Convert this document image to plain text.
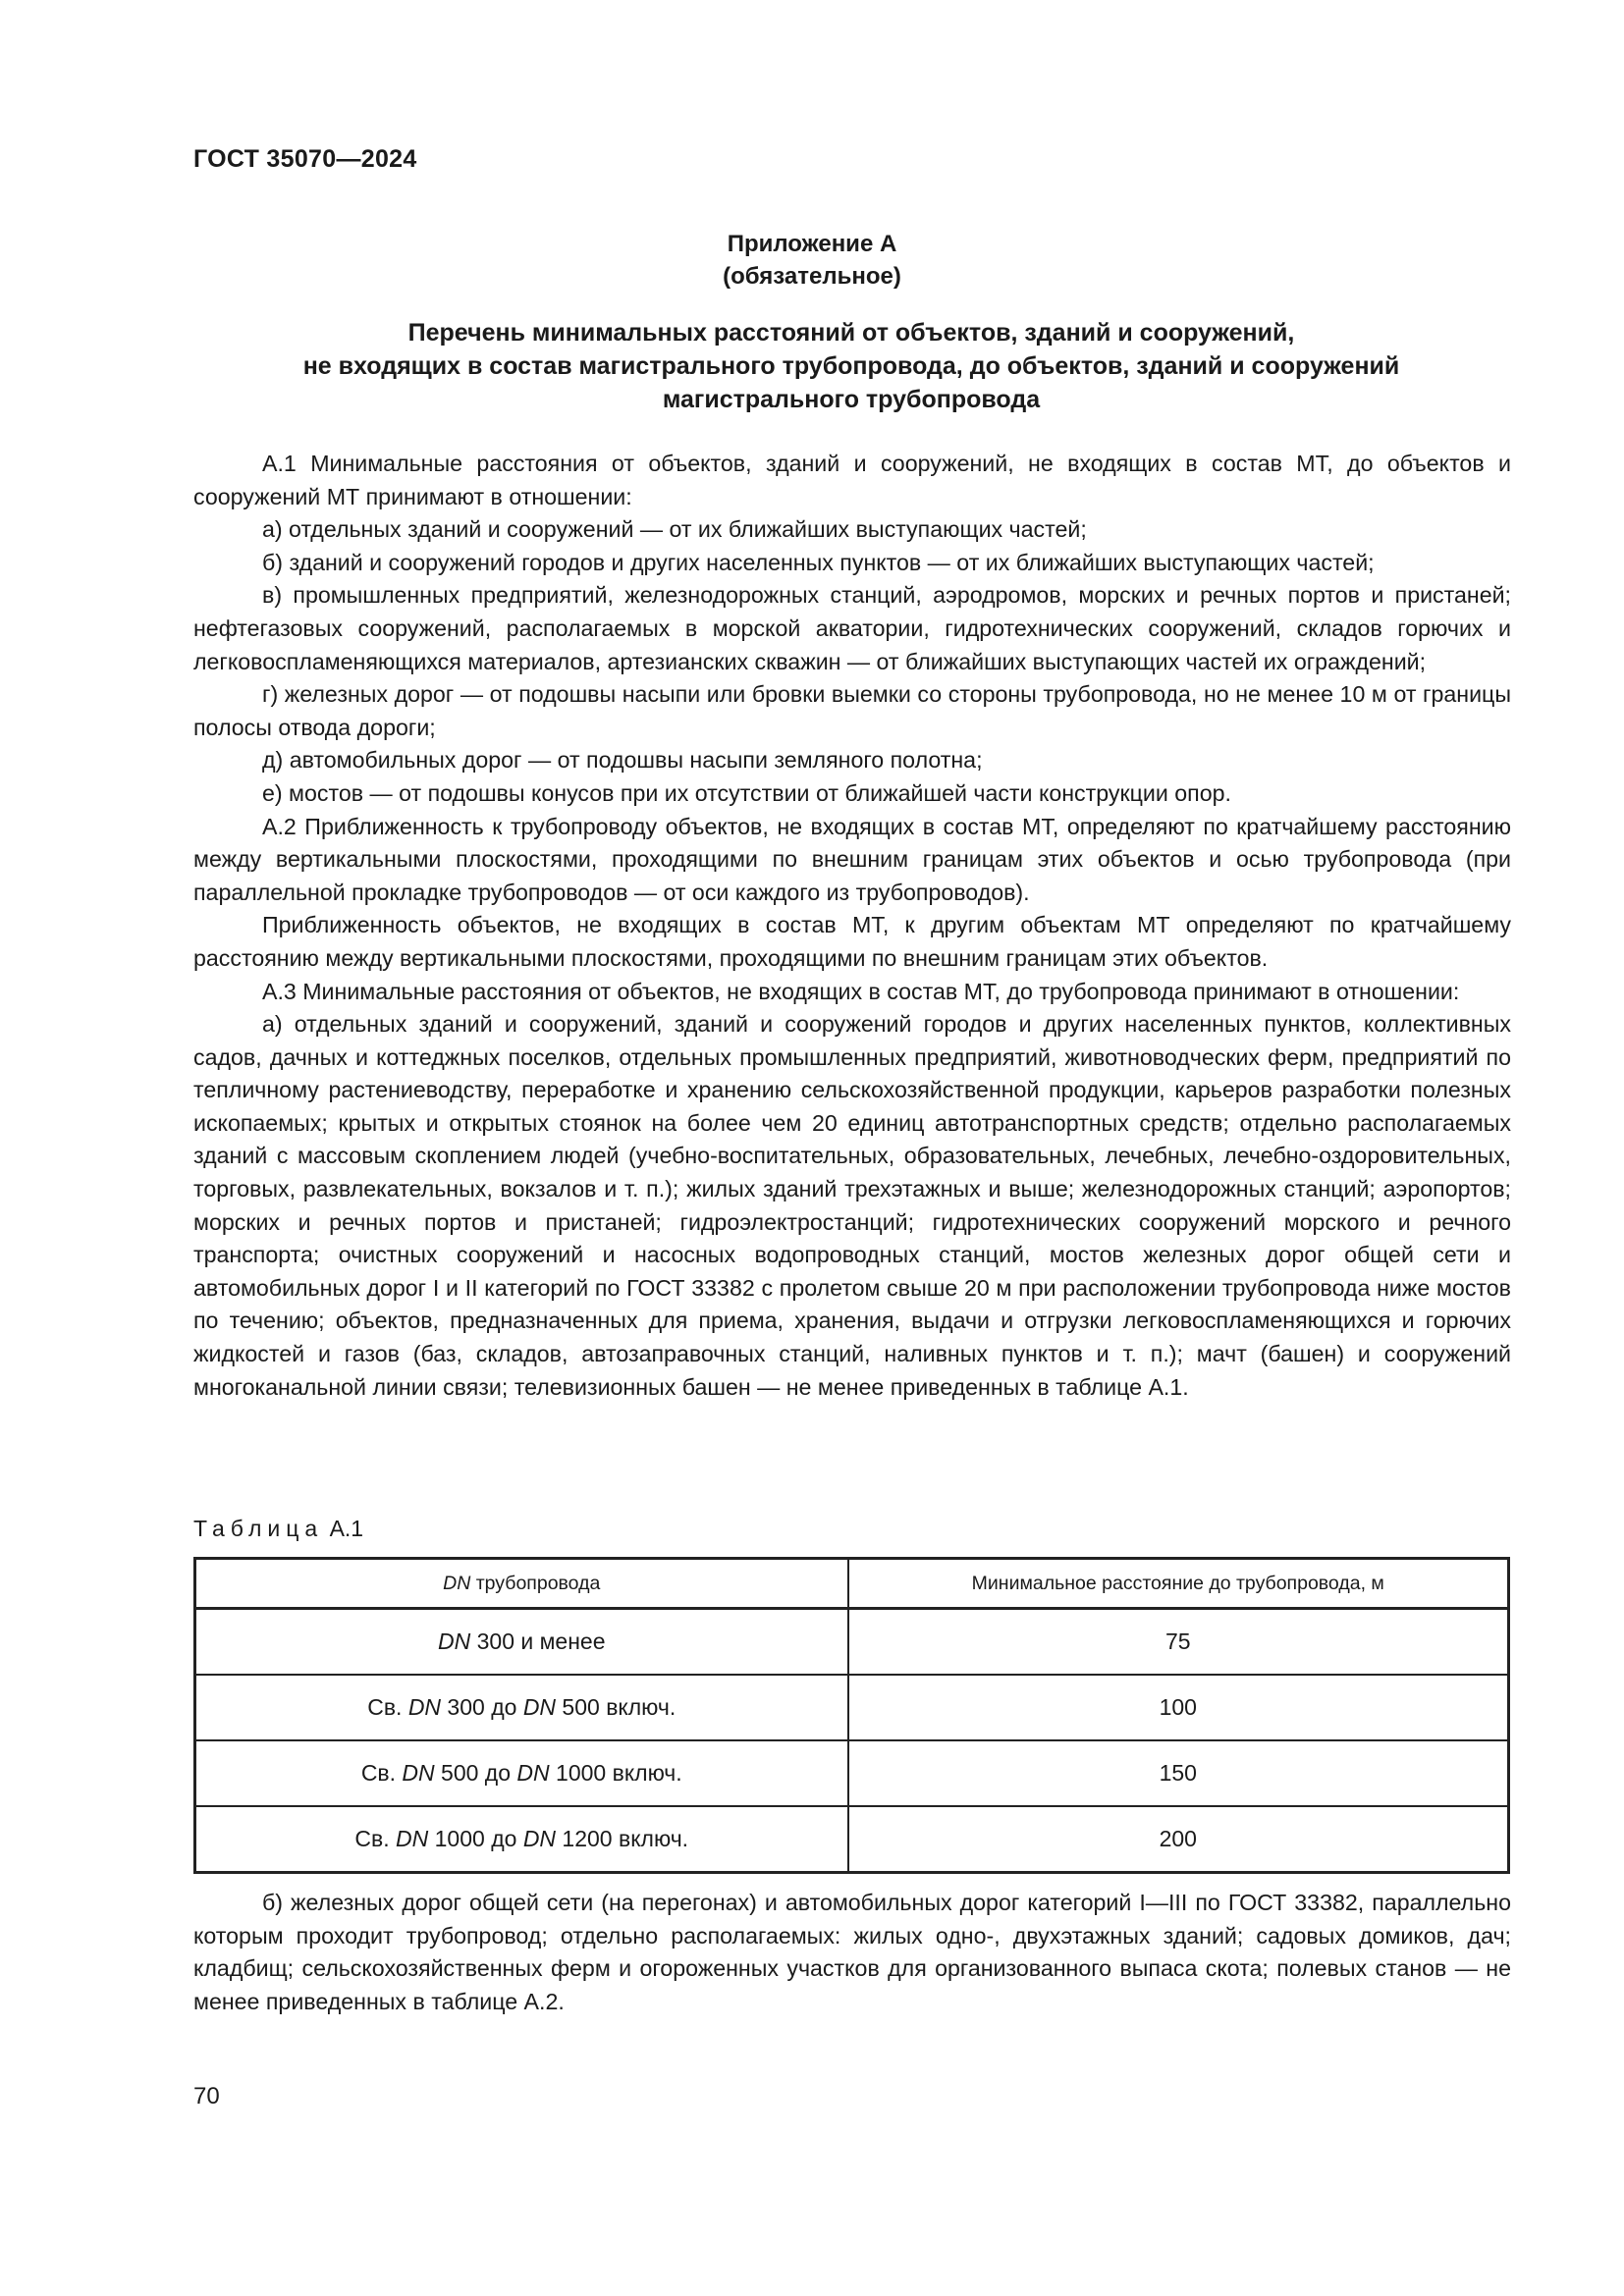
ГОСТ 35070—2024
Приложение А
(обязательное)
Перечень минимальных расстояний от объектов, зданий и сооружений,
не входящих в состав магистрального трубопровода, до объектов, зданий и сооружений
магистрального трубопровода

А.1 Минимальные расстояния от объектов, зданий и сооружений, не входящих в состав МТ, до объектов и сооружений МТ принимают в отношении:

а) отдельных зданий и сооружений — от их ближайших выступающих частей;

б) зданий и сооружений городов и других населенных пунктов — от их ближайших выступающих частей;

в) промышленных предприятий, железнодорожных станций, аэродромов, морских и речных портов и пристаней; нефтегазовых сооружений, располагаемых в морской акватории, гидротехнических сооружений, складов горючих и легковоспламеняющихся материалов, артезианских скважин — от ближайших выступающих частей их ограждений;

г) железных дорог — от подошвы насыпи или бровки выемки со стороны трубопровода, но не менее 10 м от границы полосы отвода дороги;

д) автомобильных дорог — от подошвы насыпи земляного полотна;

е) мостов — от подошвы конусов при их отсутствии от ближайшей части конструкции опор.

А.2 Приближенность к трубопроводу объектов, не входящих в состав МТ, определяют по кратчайшему расстоянию между вертикальными плоскостями, проходящими по внешним границам этих объектов и осью трубопровода (при параллельной прокладке трубопроводов — от оси каждого из трубопроводов).

Приближенность объектов, не входящих в состав МТ, к другим объектам МТ определяют по кратчайшему расстоянию между вертикальными плоскостями, проходящими по внешним границам этих объектов.

А.3 Минимальные расстояния от объектов, не входящих в состав МТ, до трубопровода принимают в отношении:

а) отдельных зданий и сооружений, зданий и сооружений городов и других населенных пунктов, коллективных садов, дачных и коттеджных поселков, отдельных промышленных предприятий, животноводческих ферм, предприятий по тепличному растениеводству, переработке и хранению сельскохозяйственной продукции, карьеров разработки полезных ископаемых; крытых и открытых стоянок на более чем 20 единиц автотранспортных средств; отдельно располагаемых зданий с массовым скоплением людей (учебно-воспитательных, образовательных, лечебных, лечебно-оздоровительных, торговых, развлекательных, вокзалов и т. п.); жилых зданий трехэтажных и выше; железнодорожных станций; аэропортов; морских и речных портов и пристаней; гидроэлектростанций; гидротехнических сооружений морского и речного транспорта; очистных сооружений и насосных водопроводных станций, мостов железных дорог общей сети и автомобильных дорог I и II категорий по ГОСТ 33382 с пролетом свыше 20 м при расположении трубопровода ниже мостов по течению; объектов, предназначенных для приема, хранения, выдачи и отгрузки легковоспламеняющихся и горючих жидкостей и газов (баз, складов, автозаправочных станций, наливных пунктов и т. п.); мачт (башен) и сооружений многоканальной линии связи; телевизионных башен — не менее приведенных в таблице А.1.

Таблица А.1
DN трубопровода	Минимальное расстояние до трубопровода, м
DN 300 и менее	75
Св. DN 300 до DN 500 включ.	100
Св. DN 500 до DN 1000 включ.	150
Св. DN 1000 до DN 1200 включ.	200

б) железных дорог общей сети (на перегонах) и автомобильных дорог категорий I—III по ГОСТ 33382, параллельно которым проходит трубопровод; отдельно располагаемых: жилых одно-, двухэтажных зданий; садовых домиков, дач; кладбищ; сельскохозяйственных ферм и огороженных участков для организованного выпаса скота; полевых станов — не менее приведенных в таблице А.2.

70
